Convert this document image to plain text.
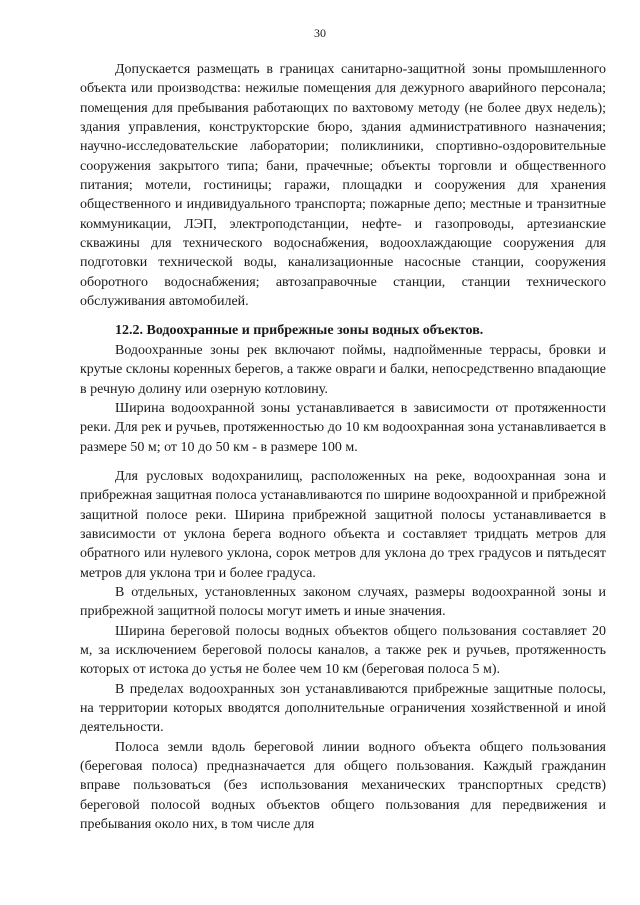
30

Допускается размещать в границах санитарно-защитной зоны промышленного объекта или производства: нежилые помещения для дежурного аварийного персонала; помещения для пребывания работающих по вахтовому методу (не более двух недель); здания управления, конструкторские бюро, здания административного назначения; научно-исследовательские лаборатории; поликлиники, спортивно-оздоровительные сооружения закрытого типа; бани, прачечные; объекты торговли и общественного питания; мотели, гостиницы; гаражи, площадки и сооружения для хранения общественного и индивидуального транспорта; пожарные депо; местные и транзитные коммуникации, ЛЭП, электроподстанции, нефте- и газопроводы, артезианские скважины для технического водоснабжения, водоохлаждающие сооружения для подготовки технической воды, канализационные насосные станции, сооружения оборотного водоснабжения; автозаправочные станции, станции технического обслуживания автомобилей.

12.2. Водоохранные и прибрежные зоны водных объектов.

Водоохранные зоны рек включают поймы, надпойменные террасы, бровки и крутые склоны коренных берегов, а также овраги и балки, непосредственно впадающие в речную долину или озерную котловину.

Ширина водоохранной зоны устанавливается в зависимости от протяженности реки. Для рек и ручьев, протяженностью до 10 км водоохранная зона устанавливается в размере 50 м; от 10 до 50 км - в размере 100 м.

Для русловых водохранилищ, расположенных на реке, водоохранная зона и прибрежная защитная полоса устанавливаются по ширине водоохранной и прибрежной защитной полосе реки. Ширина прибрежной защитной полосы устанавливается в зависимости от уклона берега водного объекта и составляет тридцать метров для обратного или нулевого уклона, сорок метров для уклона до трех градусов и пятьдесят метров для уклона три и более градуса.

В отдельных, установленных законом случаях, размеры водоохранной зоны и прибрежной защитной полосы могут иметь и иные значения.

Ширина береговой полосы водных объектов общего пользования составляет 20 м, за исключением береговой полосы каналов, а также рек и ручьев, протяженность которых от истока до устья не более чем 10 км (береговая полоса 5 м).

В пределах водоохранных зон устанавливаются прибрежные защитные полосы, на территории которых вводятся дополнительные ограничения хозяйственной и иной деятельности.

Полоса земли вдоль береговой линии водного объекта общего пользования (береговая полоса) предназначается для общего пользования. Каждый гражданин вправе пользоваться (без использования механических транспортных средств) береговой полосой водных объектов общего пользования для передвижения и пребывания около них, в том числе для
